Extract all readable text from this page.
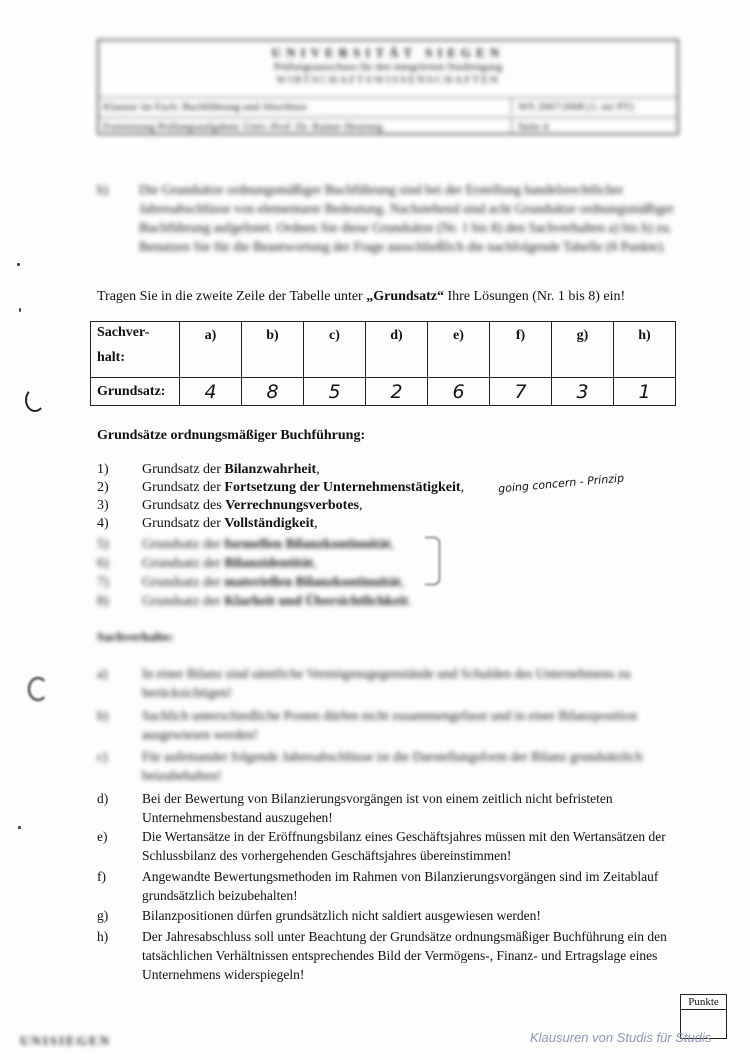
UNIVERSITÄT SIEGEN
Prüfungsausschuss für den integrierten Studiengang
WIRTSCHAFTSWISSENSCHAFTEN
Klausur im Fach: Buchführung und Abschluss	WS 2007/2008 (1.-ter PT)
Fortsetzung Prüfungsaufgaben: Univ.-Prof. Dr. Rainer Heurung	Seite 4
b) Die Grundsätze ordnungsmäßiger Buchführung sind bei der Erstellung handelsrechtlicher Jahresabschlüsse von elementarer Bedeutung. Nachstehend sind acht Grundsätze ordnungsmäßiger Buchführung aufgelistet. Ordnen Sie diese Grundsätze (Nr. 1 bis 8) den Sachverhalten a) bis h) zu. Benutzen Sie für die Beantwortung der Frage ausschließlich die nachfolgende Tabelle (8 Punkte).
Tragen Sie in die zweite Zeile der Tabelle unter „Grundsatz“ Ihre Lösungen (Nr. 1 bis 8) ein!
Sachver-
halt:	a)	b)	c)	d)	e)	f)	g)	h)
Grundsatz:	4	8	5	2	6	7	3	1
Grundsätze ordnungsmäßiger Buchführung:
1)	Grundsatz der Bilanzwahrheit,
2)	Grundsatz der Fortsetzung der Unternehmenstätigkeit,
3)	Grundsatz des Verrechnungsverbotes,
4)	Grundsatz der Vollständigkeit,
5)	Grundsatz der formellen Bilanzkontinuität,
6)	Grundsatz der Bilanzidentität,
7)	Grundsatz der materiellen Bilanzkontinuität,
8)	Grundsatz der Klarheit und Übersichtlichkeit.
going concern - Prinzip
Sachverhalte:
a)	In einer Bilanz sind sämtliche Vermögensgegenstände und Schulden des Unternehmens zu berücksichtigen!
b)	Sachlich unterschiedliche Posten dürfen nicht zusammengefasst und in einer Bilanzposition ausgewiesen werden!
c)	Für aufeinander folgende Jahresabschlüsse ist die Darstellungsform der Bilanz grundsätzlich beizubehalten!
d)	Bei der Bewertung von Bilanzierungsvorgängen ist von einem zeitlich nicht befristeten Unternehmensbestand auszugehen!
e)	Die Wertansätze in der Eröffnungsbilanz eines Geschäftsjahres müssen mit den Wertansätzen der Schlussbilanz des vorhergehenden Geschäftsjahres übereinstimmen!
f)	Angewandte Bewertungsmethoden im Rahmen von Bilanzierungsvorgängen sind im Zeitablauf grundsätzlich beizubehalten!
g)	Bilanzpositionen dürfen grundsätzlich nicht saldiert ausgewiesen werden!
h)	Der Jahresabschluss soll unter Beachtung der Grundsätze ordnungsmäßiger Buchführung ein den tatsächlichen Verhältnissen entsprechendes Bild der Vermögens-, Finanz- und Ertragslage eines Unternehmens widerspiegeln!
Punkte
UNISIEGEN	Klausuren von Studis für Studis
